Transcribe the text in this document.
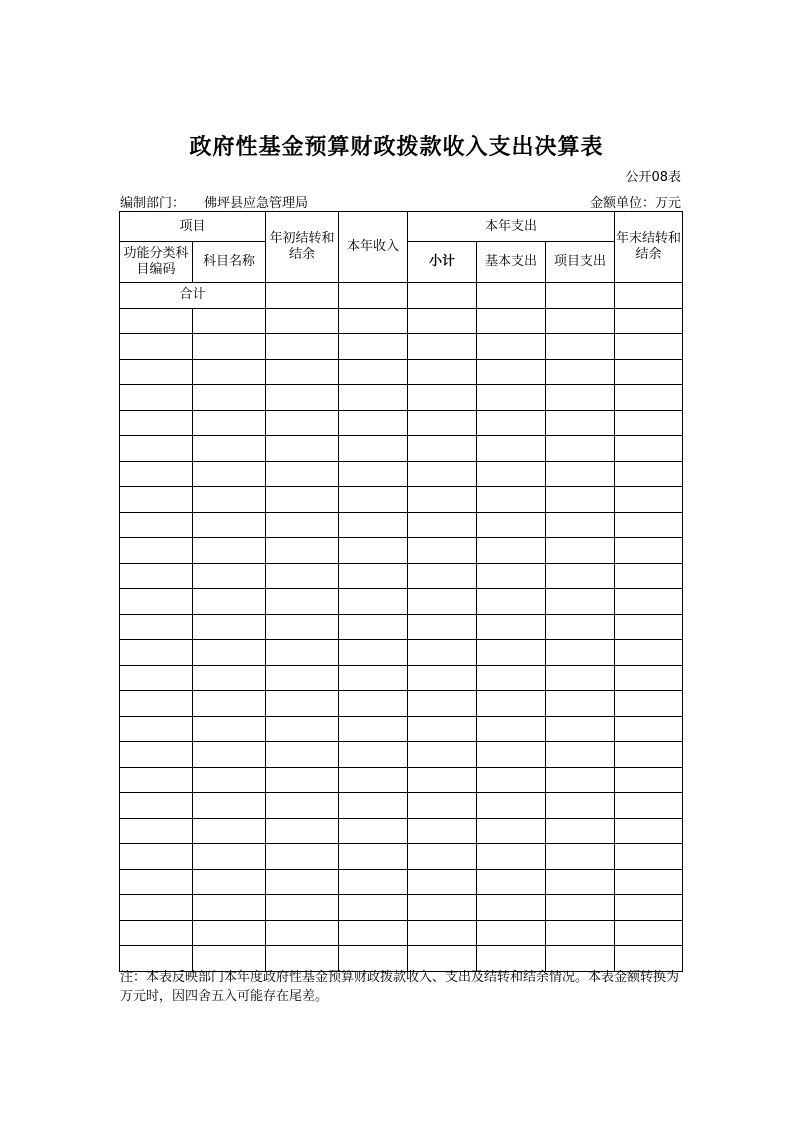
政府性基金预算财政拨款收入支出决算表
公开08表
编制部门： 佛坪县应急管理局	金额单位：万元
项目		年初结转和结余	本年收入	本年支出			年末结转和结余
功能分类科目编码	科目名称			小计	基本支出	项目支出	
合计							

注：本表反映部门本年度政府性基金预算财政拨款收入、支出及结转和结余情况。本表金额转换为万元时，因四舍五入可能存在尾差。
